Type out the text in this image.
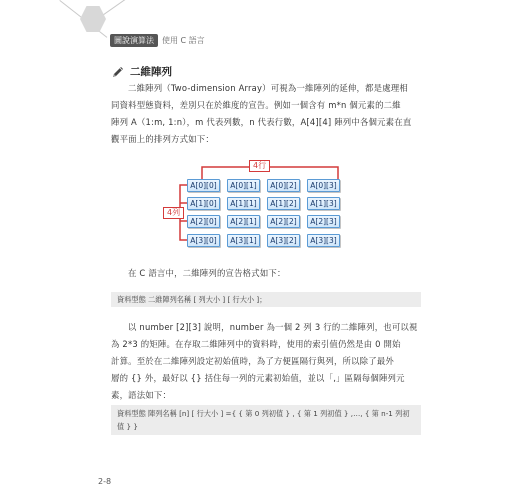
圖說演算法	使用 C 語言
二維陣列
二維陣列（Two-dimension Array）可視為一維陣列的延伸，都是處理相
同資料型態資料，差別只在於維度的宣告。例如一個含有 m*n 個元素的二維
陣列 A（1:m, 1:n），m 代表列數，n 代表行數，A[4][4] 陣列中各個元素在直
觀平面上的排列方式如下：
4行
4列
A[0][0]	A[0][1]	A[0][2]	A[0][3]
A[1][0]	A[1][1]	A[1][2]	A[1][3]
A[2][0]	A[2][1]	A[2][2]	A[2][3]
A[3][0]	A[3][1]	A[3][2]	A[3][3]
在 C 語言中，二維陣列的宣告格式如下：
資料型態 二維陣列名稱 [ 列大小 ] [ 行大小 ]；
以 number [2][3] 說明，number 為一個 2 列 3 行的二維陣列，也可以視
為 2*3 的矩陣。在存取二維陣列中的資料時，使用的索引值仍然是由 0 開始
計算。至於在二維陣列設定初始值時，為了方便區隔行與列，所以除了最外
層的 {} 外，最好以 {} 括住每一列的元素初始值，並以「,」區隔每個陣列元
素，語法如下：
資料型態 陣列名稱 [n] [ 行大小 ] ={ { 第 0 列初值 } , { 第 1 列初值 } ,…, { 第 n-1 列初
值 } }
2-8
